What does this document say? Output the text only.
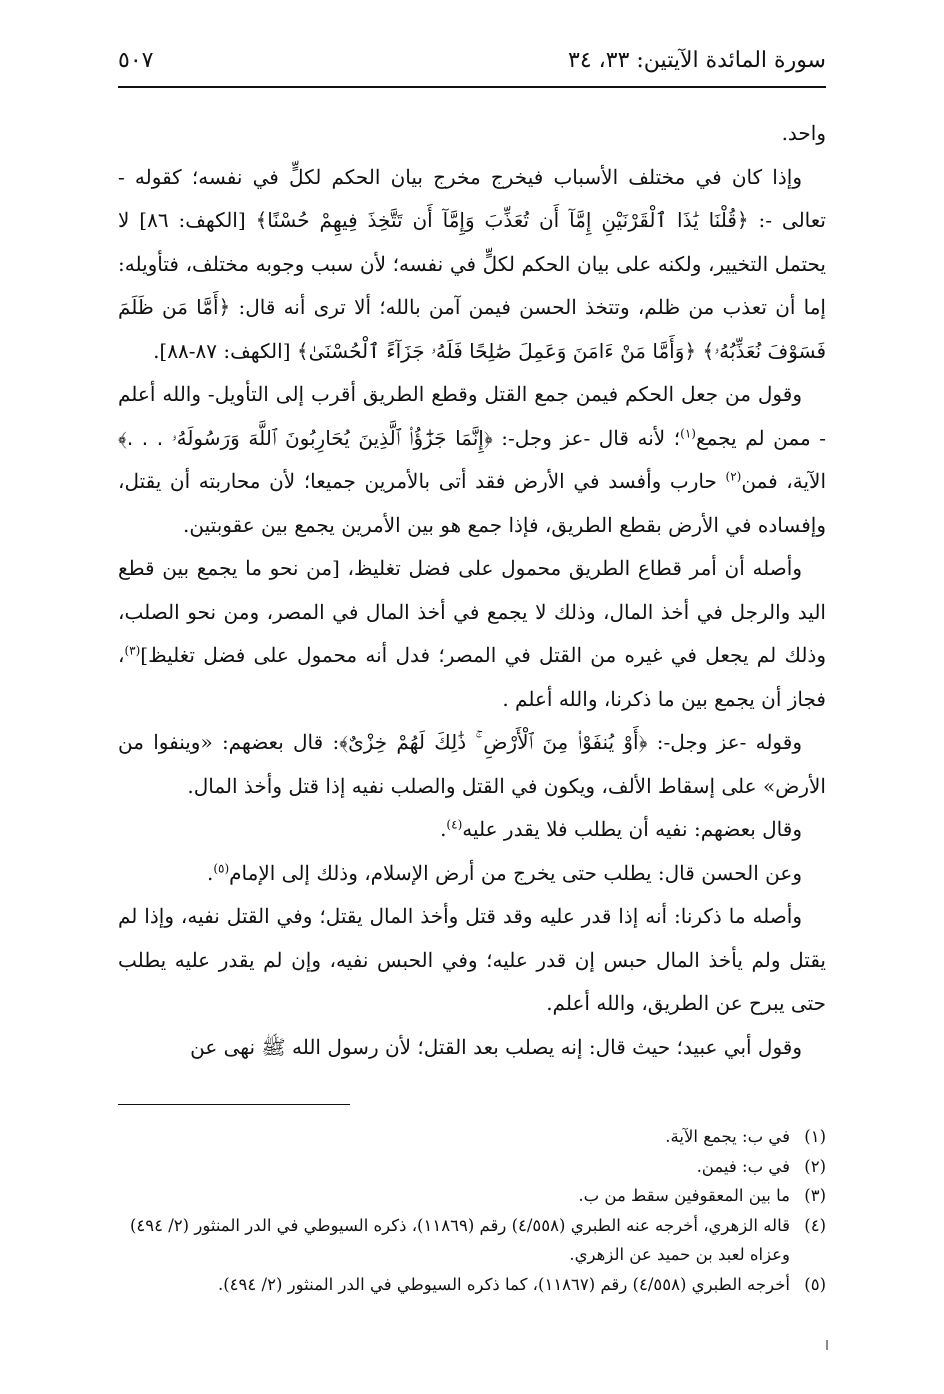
سورة المائدة الآيتين: ٣٣، ٣٤
٥٠٧

واحد.

وإذا كان في مختلف الأسباب فيخرج مخرج بيان الحكم لكلٍّ في نفسه؛ كقوله - تعالى -: ﴿قُلْنَا يَٰذَا ٱلْقَرْنَيْنِ إِمَّآ أَن تُعَذِّبَ وَإِمَّآ أَن تَتَّخِذَ فِيهِمْ حُسْنًا﴾ [الكهف: ٨٦] لا يحتمل التخيير، ولكنه على بيان الحكم لكلٍّ في نفسه؛ لأن سبب وجوبه مختلف، فتأويله: إما أن تعذب من ظلم، وتتخذ الحسن فيمن آمن بالله؛ ألا ترى أنه قال: ﴿أَمَّا مَن ظَلَمَ فَسَوْفَ نُعَذِّبُهُۥ﴾ ﴿وَأَمَّا مَنْ ءَامَنَ وَعَمِلَ صَٰلِحًا فَلَهُۥ جَزَآءً ٱلْحُسْنَىٰ﴾ [الكهف: ٨٧-٨٨].

وقول من جعل الحكم فيمن جمع القتل وقطع الطريق أقرب إلى التأويل- والله أعلم - ممن لم يجمع$^{(١)}$؛ لأنه قال -عز وجل-: ﴿إِنَّمَا جَزَٰٓؤُا۟ ٱلَّذِينَ يُحَارِبُونَ ٱللَّهَ وَرَسُولَهُۥ . . .﴾ الآية، فمن$^{(٢)}$ حارب وأفسد في الأرض فقد أتى بالأمرين جميعا؛ لأن محاربته أن يقتل، وإفساده في الأرض بقطع الطريق، فإذا جمع هو بين الأمرين يجمع بين عقوبتين.

وأصله أن أمر قطاع الطريق محمول على فضل تغليظ، [من نحو ما يجمع بين قطع اليد والرجل في أخذ المال، وذلك لا يجمع في أخذ المال في المصر، ومن نحو الصلب، وذلك لم يجعل في غيره من القتل في المصر؛ فدل أنه محمول على فضل تغليظ]$^{(٣)}$، فجاز أن يجمع بين ما ذكرنا، والله أعلم .

وقوله -عز وجل-: ﴿أَوْ يُنفَوْا۟ مِنَ ٱلْأَرْضِ ۚ ذَٰلِكَ لَهُمْ خِزْىٌ﴾: قال بعضهم: «وينفوا من الأرض» على إسقاط الألف، ويكون في القتل والصلب نفيه إذا قتل وأخذ المال.

وقال بعضهم: نفيه أن يطلب فلا يقدر عليه$^{(٤)}$.

وعن الحسن قال: يطلب حتى يخرج من أرض الإسلام، وذلك إلى الإمام$^{(٥)}$.

وأصله ما ذكرنا: أنه إذا قدر عليه وقد قتل وأخذ المال يقتل؛ وفي القتل نفيه، وإذا لم يقتل ولم يأخذ المال حبس إن قدر عليه؛ وفي الحبس نفيه، وإن لم يقدر عليه يطلب حتى يبرح عن الطريق، والله أعلم.

وقول أبي عبيد؛ حيث قال: إنه يصلب بعد القتل؛ لأن رسول الله ﷺ نهى عن

(١)
في ب: يجمع الآية.
(٢)
في ب: فيمن.
(٣)
ما بين المعقوفين سقط من ب.
(٤)
قاله الزهري، أخرجه عنه الطبري (٤/٥٥٨) رقم (١١٨٦٩)، ذكره السيوطي في الدر المنثور (٢/ ٤٩٤) وعزاه لعبد بن حميد عن الزهري.
(٥)
أخرجه الطبري (٤/٥٥٨) رقم (١١٨٦٧)، كما ذكره السيوطي في الدر المنثور (٢/ ٤٩٤).
